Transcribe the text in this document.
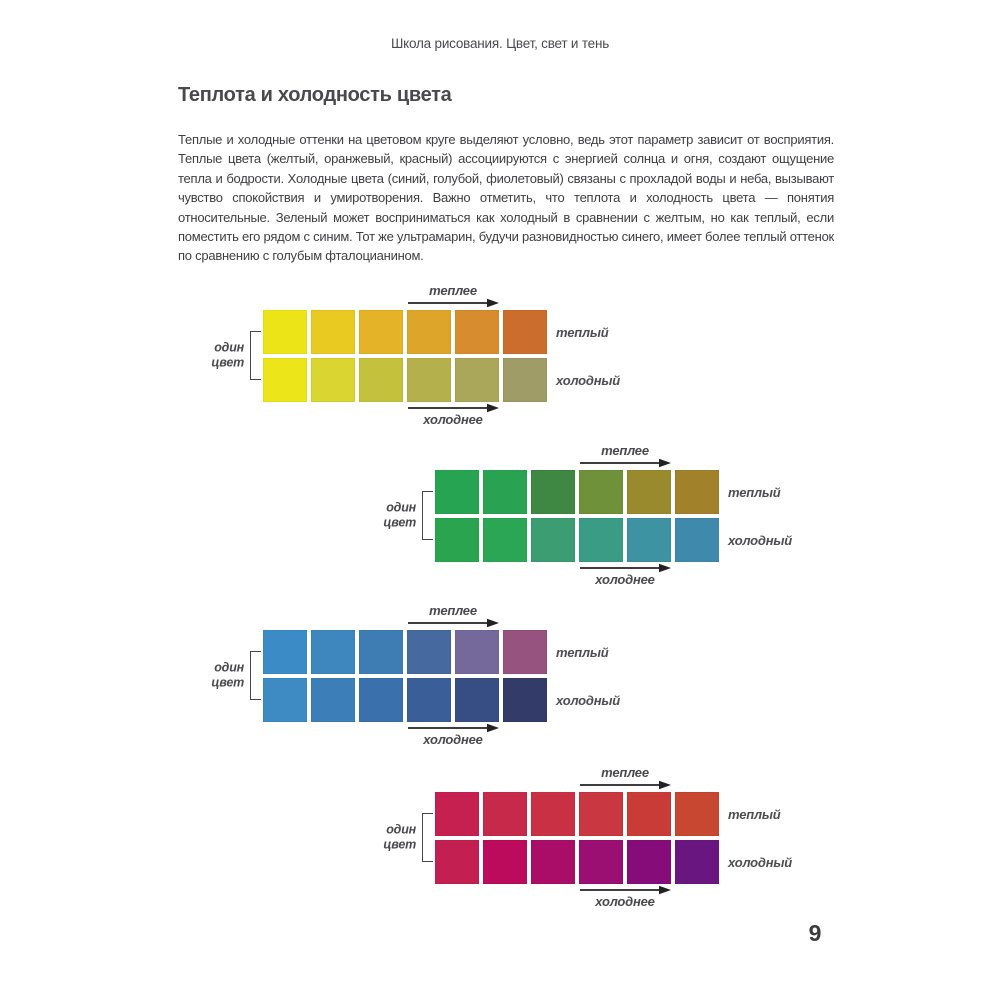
Школа рисования. Цвет, свет и тень
Теплота и холодность цвета

Теплые и холодные оттенки на цветовом круге выделяют условно, ведь этот параметр зависит от восприятия. Теплые цвета (желтый, оранжевый, красный) ассоциируются с энергией солнца и огня, создают ощущение тепла и бодрости. Холодные цвета (синий, голубой, фиолетовый) связаны с прохладой воды и неба, вызывают чувство спокойствия и умиротворения. Важно отметить, что теплота и холодность цвета — понятия относительные. Зеленый может восприниматься как холодный в сравнении с желтым, но как теплый, если поместить его рядом с синим. Тот же ультрамарин, будучи разновидностью синего, имеет более теплый оттенок по сравнению с голубым фталоцианином.

теплее
один
цвет
теплый
холодный
холоднее
теплее
один
цвет
теплый
холодный
холоднее
теплее
один
цвет
теплый
холодный
холоднее
теплее
один
цвет
теплый
холодный
холоднее
9
